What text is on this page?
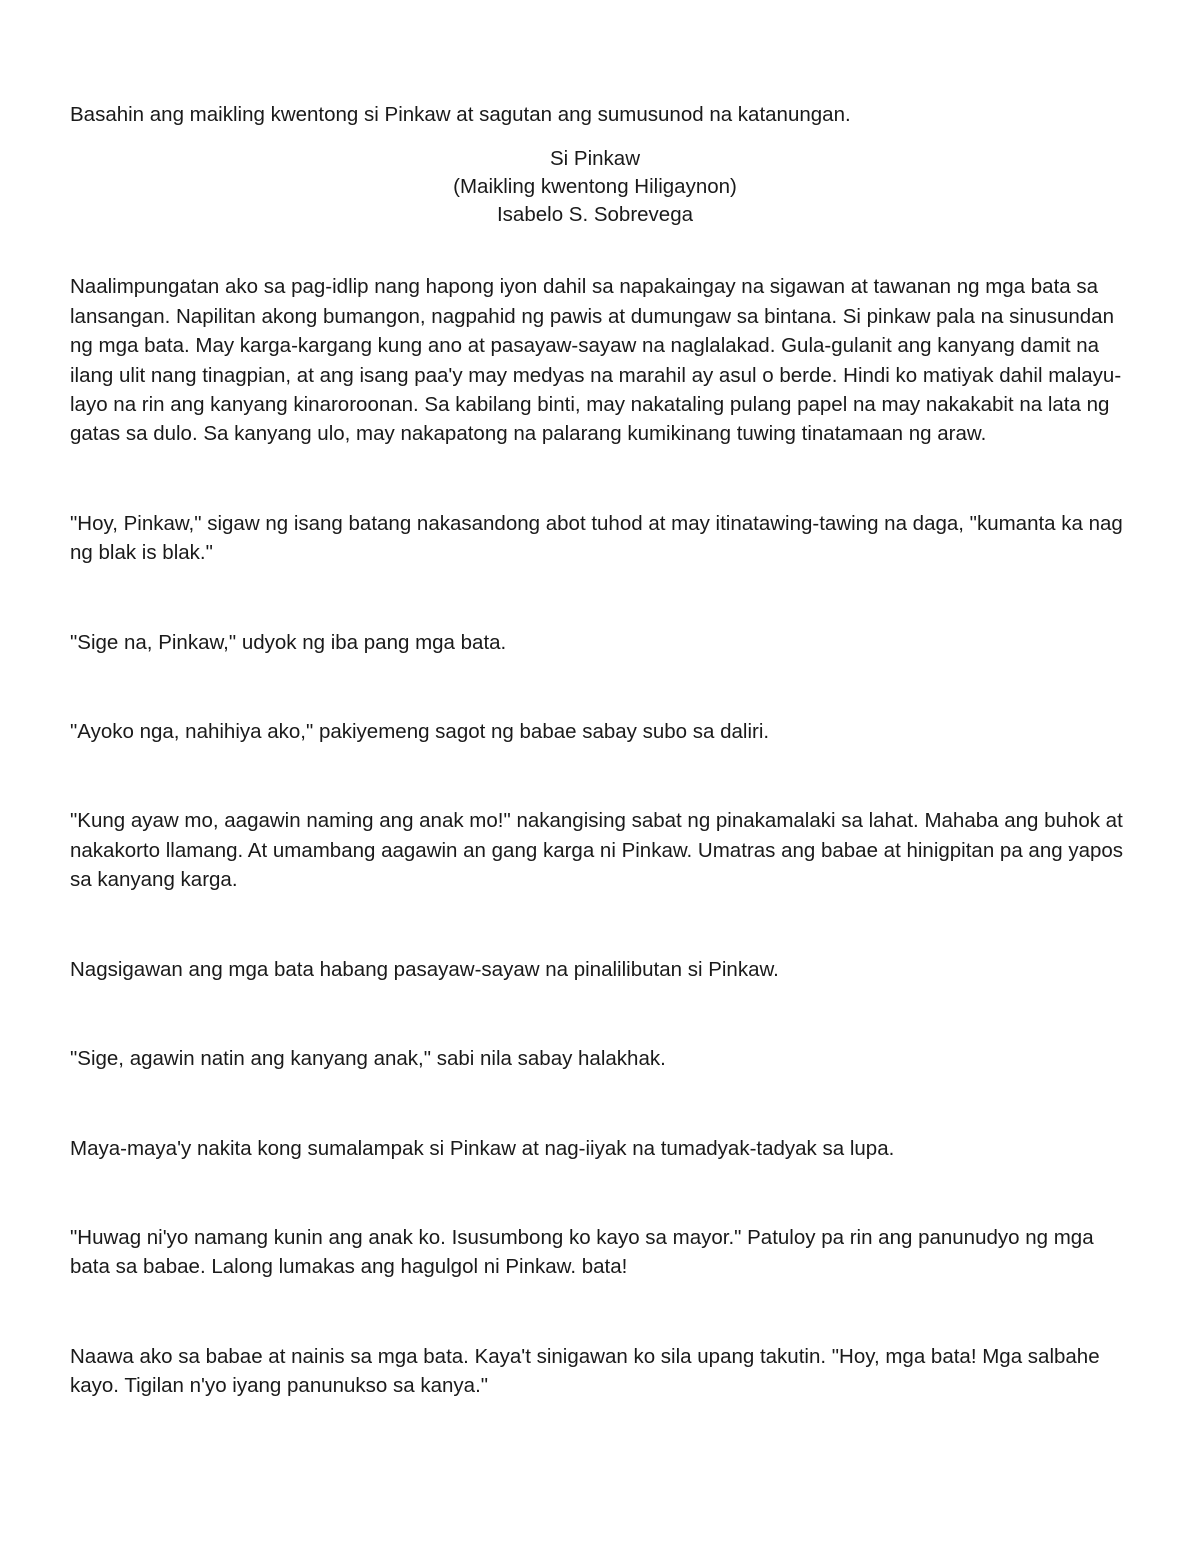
Basahin ang maikling kwentong si Pinkaw at sagutan ang sumusunod na katanungan.

Si Pinkaw
(Maikling kwentong Hiligaynon)
Isabelo S. Sobrevega

Naalimpungatan ako sa pag-idlip nang hapong iyon dahil sa napakaingay na sigawan at tawanan ng mga bata sa lansangan. Napilitan akong bumangon, nagpahid ng pawis at dumungaw sa bintana. Si pinkaw pala na sinusundan ng mga bata. May karga-kargang kung ano at pasayaw-sayaw na naglalakad. Gula-gulanit ang kanyang damit na ilang ulit nang tinagpian, at ang isang paa'y may medyas na marahil ay asul o berde. Hindi ko matiyak dahil malayu-layo na rin ang kanyang kinaroroonan. Sa kabilang binti, may nakataling pulang papel na may nakakabit na lata ng gatas sa dulo. Sa kanyang ulo, may nakapatong na palarang kumikinang tuwing tinatamaan ng araw.

"Hoy, Pinkaw," sigaw ng isang batang nakasandong abot tuhod at may itinatawing-tawing na daga, "kumanta ka nag ng blak is blak."

"Sige na, Pinkaw," udyok ng iba pang mga bata.

"Ayoko nga, nahihiya ako," pakiyemeng sagot ng babae sabay subo sa daliri.

"Kung ayaw mo, aagawin naming ang anak mo!" nakangising sabat ng pinakamalaki sa lahat. Mahaba ang buhok at nakakorto llamang. At umambang aagawin an gang karga ni Pinkaw. Umatras ang babae at hinigpitan pa ang yapos sa kanyang karga.

Nagsigawan ang mga bata habang pasayaw-sayaw na pinalilibutan si Pinkaw.

"Sige, agawin natin ang kanyang anak," sabi nila sabay halakhak.

Maya-maya'y nakita kong sumalampak si Pinkaw at nag-iiyak na tumadyak-tadyak sa lupa.

"Huwag ni'yo namang kunin ang anak ko. Isusumbong ko kayo sa mayor." Patuloy pa rin ang panunudyo ng mga bata sa babae. Lalong lumakas ang hagulgol ni Pinkaw. bata!

Naawa ako sa babae at nainis sa mga bata. Kaya't sinigawan ko sila upang takutin. "Hoy, mga bata! Mga salbahe kayo. Tigilan n'yo iyang panunukso sa kanya."
